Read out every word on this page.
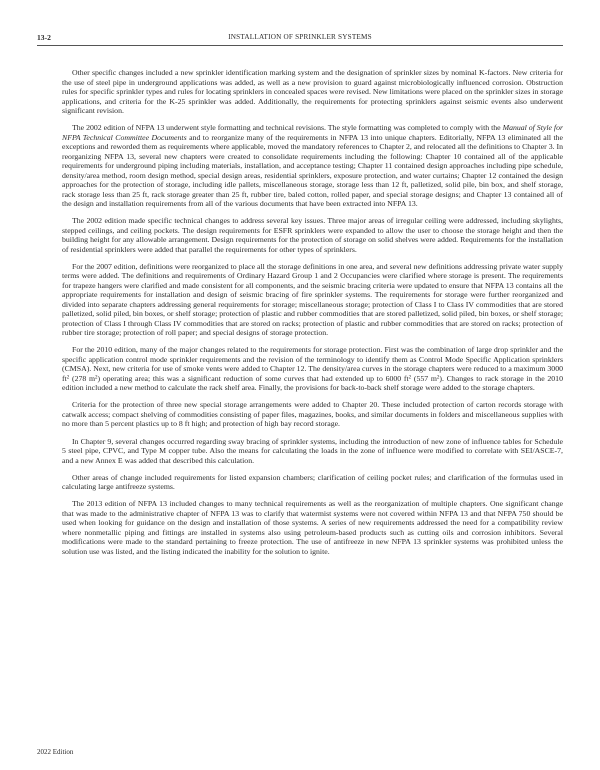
13-2	INSTALLATION OF SPRINKLER SYSTEMS

Other specific changes included a new sprinkler identification marking system and the designation of sprinkler sizes by nominal K-factors. New criteria for the use of steel pipe in underground applications was added, as well as a new provision to guard against microbiologically influenced corrosion. Obstruction rules for specific sprinkler types and rules for locating sprinklers in concealed spaces were revised. New limitations were placed on the sprinkler sizes in storage applications, and criteria for the K-25 sprinkler was added. Additionally, the requirements for protecting sprinklers against seismic events also underwent significant revision.

The 2002 edition of NFPA 13 underwent style formatting and technical revisions. The style formatting was completed to comply with the Manual of Style for NFPA Technical Committee Documents and to reorganize many of the requirements in NFPA 13 into unique chapters. Editorially, NFPA 13 eliminated all the exceptions and reworded them as requirements where applicable, moved the mandatory references to Chapter 2, and relocated all the definitions to Chapter 3. In reorganizing NFPA 13, several new chapters were created to consolidate requirements including the following: Chapter 10 contained all of the applicable requirements for underground piping including materials, installation, and acceptance testing; Chapter 11 contained design approaches including pipe schedule, density/area method, room design method, special design areas, residential sprinklers, exposure protection, and water curtains; Chapter 12 contained the design approaches for the protection of storage, including idle pallets, miscellaneous storage, storage less than 12 ft, palletized, solid pile, bin box, and shelf storage, rack storage less than 25 ft, rack storage greater than 25 ft, rubber tire, baled cotton, rolled paper, and special storage designs; and Chapter 13 contained all of the design and installation requirements from all of the various documents that have been extracted into NFPA 13.

The 2002 edition made specific technical changes to address several key issues. Three major areas of irregular ceiling were addressed, including skylights, stepped ceilings, and ceiling pockets. The design requirements for ESFR sprinklers were expanded to allow the user to choose the storage height and then the building height for any allowable arrangement. Design requirements for the protection of storage on solid shelves were added. Requirements for the installation of residential sprinklers were added that parallel the requirements for other types of sprinklers.

For the 2007 edition, definitions were reorganized to place all the storage definitions in one area, and several new definitions addressing private water supply terms were added. The definitions and requirements of Ordinary Hazard Group 1 and 2 Occupancies were clarified where storage is present. The requirements for trapeze hangers were clarified and made consistent for all components, and the seismic bracing criteria were updated to ensure that NFPA 13 contains all the appropriate requirements for installation and design of seismic bracing of fire sprinkler systems. The requirements for storage were further reorganized and divided into separate chapters addressing general requirements for storage; miscellaneous storage; protection of Class I to Class IV commodities that are stored palletized, solid piled, bin boxes, or shelf storage; protection of plastic and rubber commodities that are stored palletized, solid piled, bin boxes, or shelf storage; protection of Class I through Class IV commodities that are stored on racks; protection of plastic and rubber commodities that are stored on racks; protection of rubber tire storage; protection of roll paper; and special designs of storage protection.

For the 2010 edition, many of the major changes related to the requirements for storage protection. First was the combination of large drop sprinkler and the specific application control mode sprinkler requirements and the revision of the terminology to identify them as Control Mode Specific Application sprinklers (CMSA). Next, new criteria for use of smoke vents were added to Chapter 12. The density/area curves in the storage chapters were reduced to a maximum 3000 $ft^2$ (278 $m^2$) operating area; this was a significant reduction of some curves that had extended up to 6000 $ft^2$ (557 $m^2$). Changes to rack storage in the 2010 edition included a new method to calculate the rack shelf area. Finally, the provisions for back-to-back shelf storage were added to the storage chapters.

Criteria for the protection of three new special storage arrangements were added to Chapter 20. These included protection of carton records storage with catwalk access; compact shelving of commodities consisting of paper files, magazines, books, and similar documents in folders and miscellaneous supplies with no more than 5 percent plastics up to 8 ft high; and protection of high bay record storage.

In Chapter 9, several changes occurred regarding sway bracing of sprinkler systems, including the introduction of new zone of influence tables for Schedule 5 steel pipe, CPVC, and Type M copper tube. Also the means for calculating the loads in the zone of influence were modified to correlate with SEI/ASCE-7, and a new Annex E was added that described this calculation.

Other areas of change included requirements for listed expansion chambers; clarification of ceiling pocket rules; and clarification of the formulas used in calculating large antifreeze systems.

The 2013 edition of NFPA 13 included changes to many technical requirements as well as the reorganization of multiple chapters. One significant change that was made to the administrative chapter of NFPA 13 was to clarify that watermist systems were not covered within NFPA 13 and that NFPA 750 should be used when looking for guidance on the design and installation of those systems. A series of new requirements addressed the need for a compatibility review where nonmetallic piping and fittings are installed in systems also using petroleum-based products such as cutting oils and corrosion inhibitors. Several modifications were made to the standard pertaining to freeze protection. The use of antifreeze in new NFPA 13 sprinkler systems was prohibited unless the solution use was listed, and the listing indicated the inability for the solution to ignite.

2022 Edition
